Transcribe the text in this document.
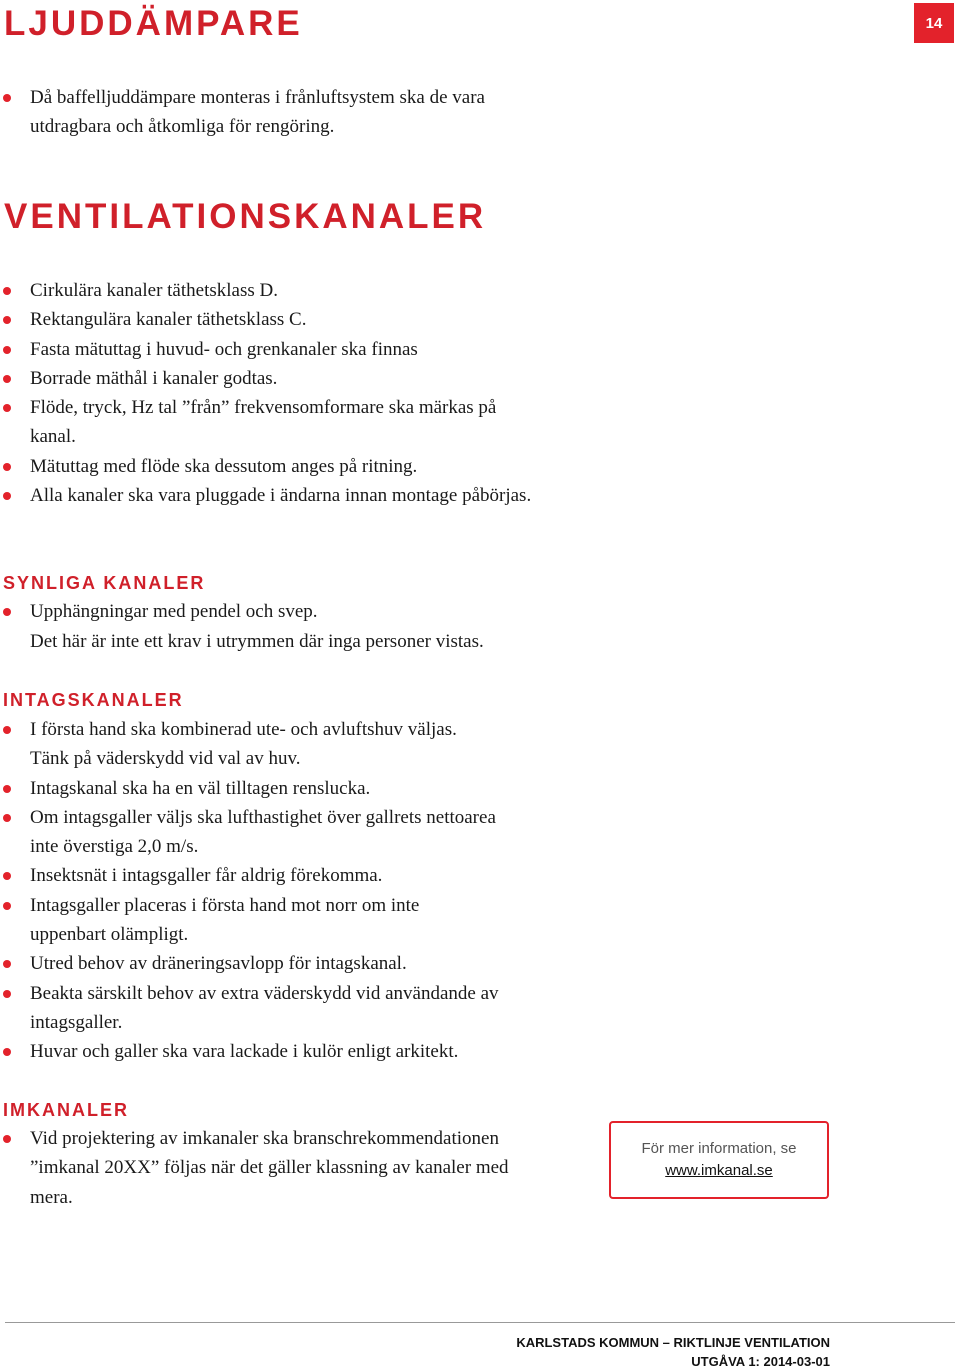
LJUDDÄMPARE	14
Då baffelljuddämpare monteras i frånluftsystem ska de vara utdragbara och åtkomliga för rengöring.
VENTILATIONSKANALER
Cirkulära kanaler täthetsklass D.
Rektangulära kanaler täthetsklass C.
Fasta mätuttag i huvud- och grenkanaler ska finnas
Borrade mäthål i kanaler godtas.
Flöde, tryck, Hz tal ”från” frekvensomformare ska märkas på kanal.
Mätuttag med flöde ska dessutom anges på ritning.
Alla kanaler ska vara pluggade i ändarna innan montage påbörjas.
SYNLIGA KANALER
Upphängningar med pendel och svep.

Det här är inte ett krav i utrymmen där inga personer vistas.

INTAGSKANALER
I första hand ska kombinerad ute- och avluftshuv väljas.
Tänk på väderskydd vid val av huv.
Intagskanal ska ha en väl tilltagen renslucka.
Om intagsgaller väljs ska lufthastighet över gallrets nettoarea inte överstiga 2,0 m/s.
Insektsnät i intagsgaller får aldrig förekomma.
Intagsgaller placeras i första hand mot norr om inte uppenbart olämpligt.
Utred behov av dräneringsavlopp för intagskanal.
Beakta särskilt behov av extra väderskydd vid användande av intagsgaller.
Huvar och galler ska vara lackade i kulör enligt arkitekt.
IMKANALER
Vid projektering av imkanaler ska branschrekommendationen ”imkanal 20XX” följas när det gäller klassning av kanaler med mera.
För mer information, se
www.imkanal.se
KARLSTADS KOMMUN – RIKTLINJE VENTILATION
UTGÅVA 1: 2014-03-01
